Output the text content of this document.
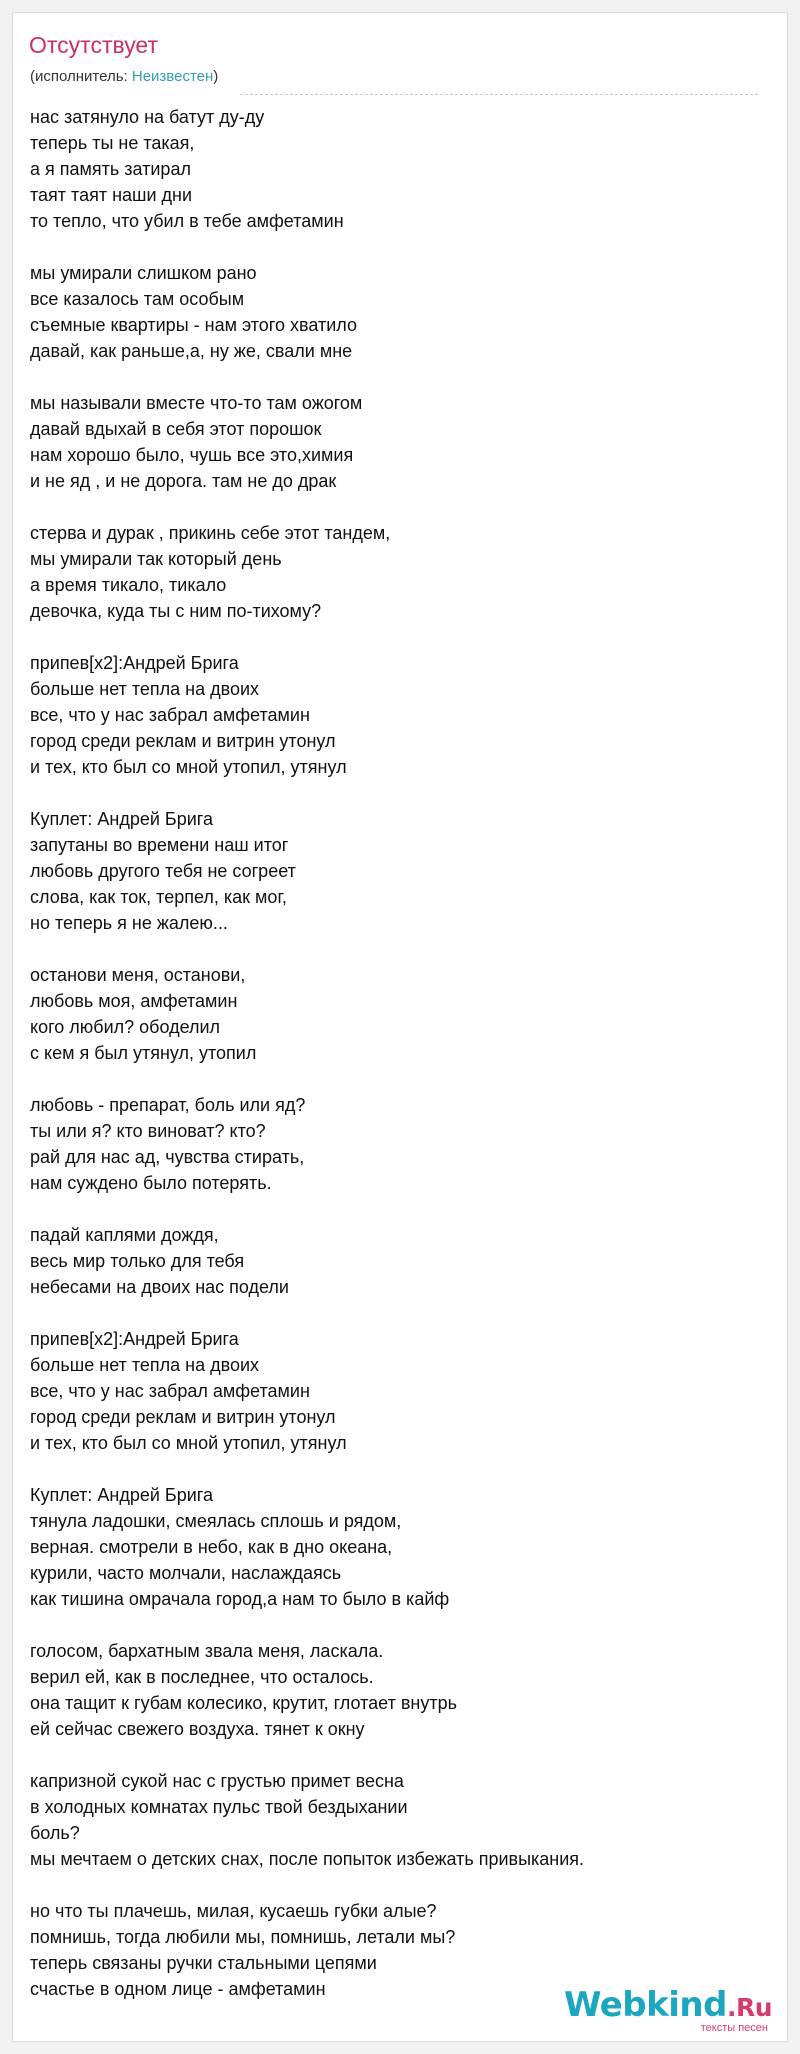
Отсутствует
(исполнитель: Неизвестен)
нас затянуло на батут ду-ду
теперь ты не такая,
а я память затирал
таят таят наши дни
то тепло, что убил в тебе амфетамин
мы умирали слишком рано
все казалось там особым
съемные квартиры - нам этого хватило
давай, как раньше,а, ну же, свали мне
мы называли вместе что-то там ожогом
давай вдыхай в себя этот порошок
нам хорошо было, чушь все это,химия
и не яд , и не дорога. там не до драк
стерва и дурак , прикинь себе этот тандем,
мы умирали так который день
а время тикало, тикало
девочка, куда ты с ним по-тихому?
припев[x2]:Андрей Брига
больше нет тепла на двоих
все, что у нас забрал амфетамин
город среди реклам и витрин утонул
и тех, кто был со мной утопил, утянул
Куплет: Андрей Брига
запутаны во времени наш итог
любовь другого тебя не согреет
слова, как ток, терпел, как мог,
но теперь я не жалею...
останови меня, останови,
любовь моя, амфетамин
кого любил? ободелил
с кем я был утянул, утопил
любовь - препарат, боль или яд?
ты или я? кто виноват? кто?
рай для нас ад, чувства стирать,
нам суждено было потерять.
падай каплями дождя,
весь мир только для тебя
небесами на двоих нас подели
припев[x2]:Андрей Брига
больше нет тепла на двоих
все, что у нас забрал амфетамин
город среди реклам и витрин утонул
и тех, кто был со мной утопил, утянул
Куплет: Андрей Брига
тянула ладошки, смеялась сплошь и рядом,
верная. смотрели в небо, как в дно океана,
курили, часто молчали, наслаждаясь
как тишина омрачала город,а нам то было в кайф
голосом, бархатным звала меня, ласкала.
верил ей, как в последнее, что осталось.
она тащит к губам колесико, крутит, глотает внутрь
ей сейчас свежего воздуха. тянет к окну
капризной сукой нас с грустью примет весна
в холодных комнатах пульс твой бездыхании
боль?
мы мечтаем о детских снах, после попыток избежать привыкания.
но что ты плачешь, милая, кусаешь губки алые?
помнишь, тогда любили мы, помнишь, летали мы?
теперь связаны ручки стальными цепями
счастье в одном лице - амфетамин	Webkind.Ru
тексты песен
